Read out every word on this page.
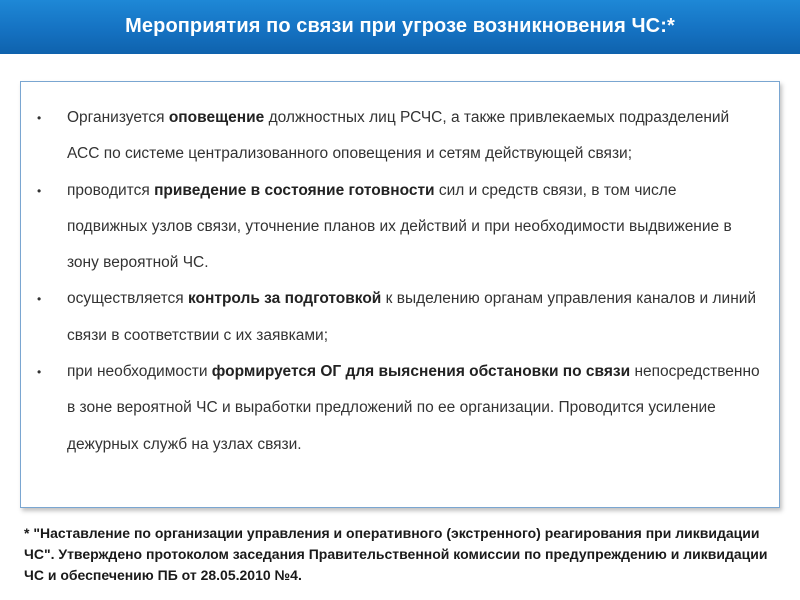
Мероприятия по связи при угрозе возникновения ЧС:*
• Организуется оповещение должностных лиц РСЧС, а также привлекаемых подразделений АСС по системе централизованного оповещения и сетям действующей связи;
• проводится приведение в состояние готовности сил и средств связи, в том числе подвижных узлов связи, уточнение планов их действий и при необходимости выдвижение в зону вероятной ЧС.
• осуществляется контроль за подготовкой к выделению органам управления каналов и линий связи в соответствии с их заявками;
• при необходимости формируется ОГ для выяснения обстановки по связи непосредственно в зоне вероятной ЧС и выработки предложений по ее организации. Проводится усиление дежурных служб на узлах связи.
* "Наставление по организации управления и оперативного (экстренного) реагирования при ликвидации ЧС". Утверждено протоколом заседания Правительственной комиссии по предупреждению и ликвидации ЧС и обеспечению ПБ от 28.05.2010 №4.
